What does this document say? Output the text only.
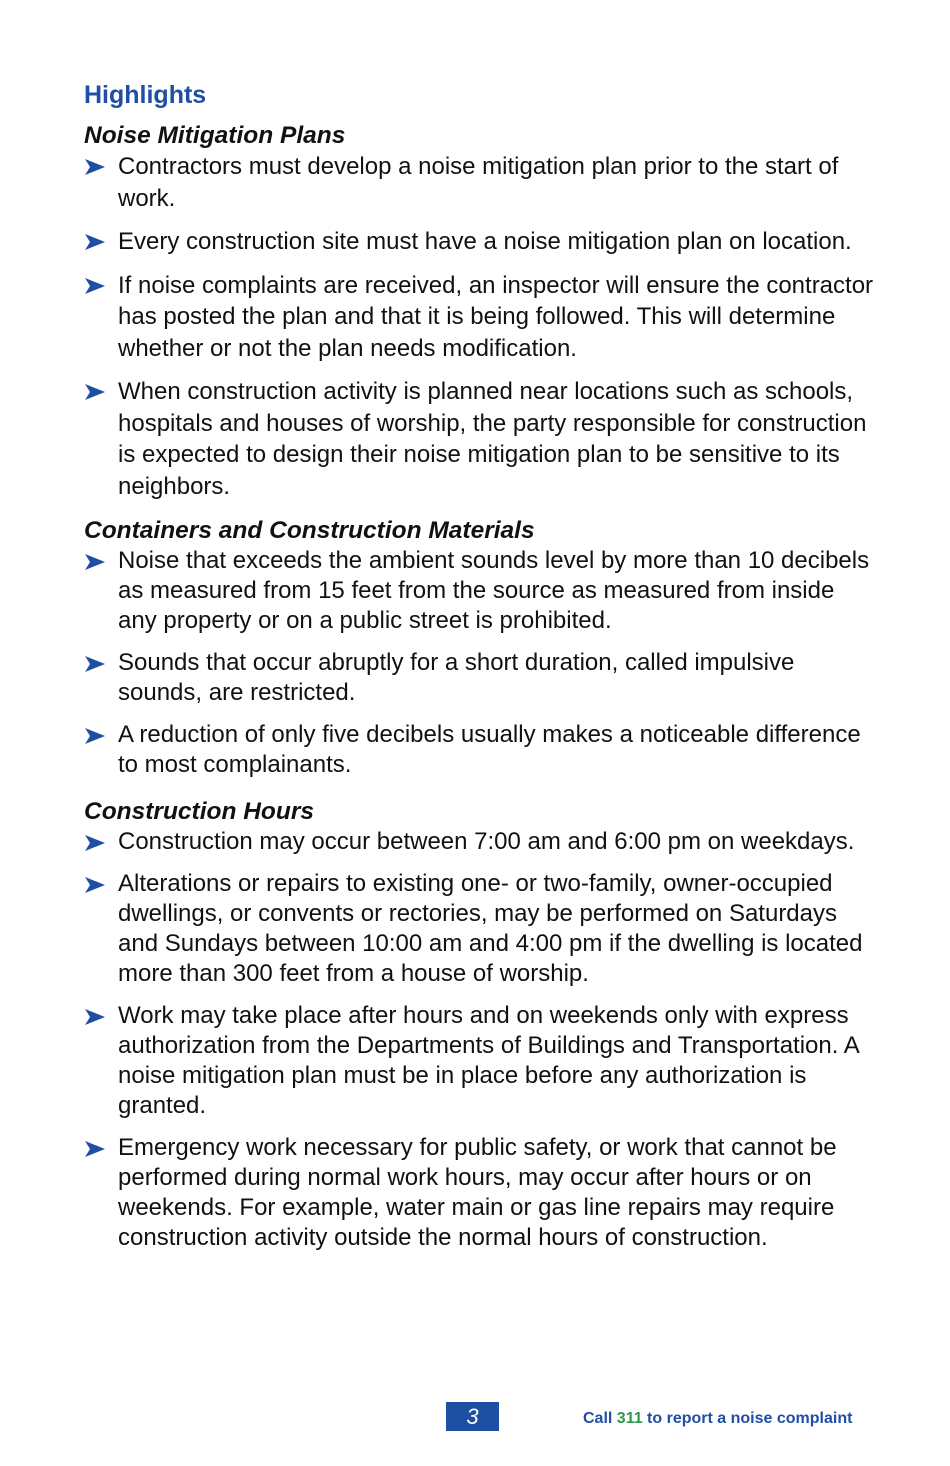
Highlights
Noise Mitigation Plans
Contractors must develop a noise mitigation plan prior to the start of work.
Every construction site must have a noise mitigation plan on location.
If noise complaints are received, an inspector will ensure the contractor has posted the plan and that it is being followed. This will determine whether or not the plan needs modification.
When construction activity is planned near locations such as schools, hospitals and houses of worship, the party responsible for construction is expected to design their noise mitigation plan to be sensitive to its neighbors.
Containers and Construction Materials
Noise that exceeds the ambient sounds level by more than 10 decibels as measured from 15 feet from the source as measured from inside any property or on a public street is prohibited.
Sounds that occur abruptly for a short duration, called impulsive sounds, are restricted.
A reduction of only five decibels usually makes a noticeable difference to most complainants.
Construction Hours
Construction may occur between 7:00 am and 6:00 pm on weekdays.
Alterations or repairs to existing one- or two-family, owner-occupied dwellings, or convents or rectories, may be performed on Saturdays and Sundays between 10:00 am and 4:00 pm if the dwelling is located more than 300 feet from a house of worship.
Work may take place after hours and on weekends only with express authorization from the Departments of Buildings and Transportation. A noise mitigation plan must be in place before any authorization is granted.
Emergency work necessary for public safety, or work that cannot be performed during normal work hours, may occur after hours or on weekends. For example, water main or gas line repairs may require construction activity outside the normal hours of construction.
3	Call 311 to report a noise complaint
